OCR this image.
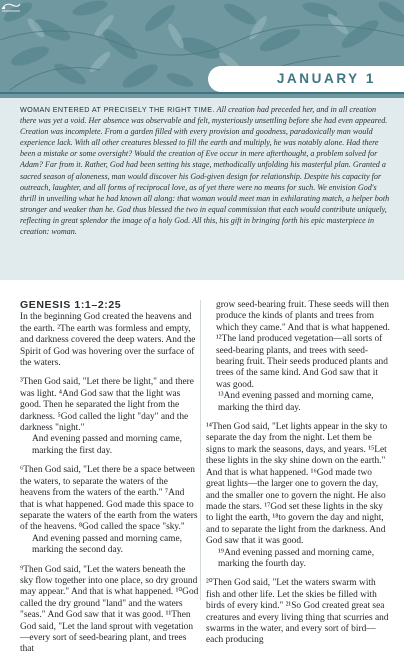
JANUARY 1
WOMAN ENTERED AT PRECISELY THE RIGHT TIME. All creation had preceded her, and in all creation there was yet a void. Her absence was observable and felt, mysteriously unsettling before she had even appeared. Creation was incomplete. From a garden filled with every provision and goodness, paradoxically man would experience lack. With all other creatures blessed to fill the earth and multiply, he was notably alone. Had there been a mistake or some oversight? Would the creation of Eve occur in mere afterthought, a problem solved for Adam? Far from it. Rather, God had been setting his stage, methodically unfolding his masterful plan. Granted a sacred season of aloneness, man would discover his God-given design for relationship. Despite his capacity for outreach, laughter, and all forms of reciprocal love, as of yet there were no means for such. We envision God's thrill in unveiling what he had known all along: that woman would meet man in exhilarating match, a helper both stronger and weaker than he. God thus blessed the two in equal commission that each would contribute uniquely, reflecting in great splendor the image of a holy God. All this, his gift in bringing forth his epic masterpiece in creation: woman.
GENESIS 1:1–2:25

In the beginning God created the heavens and the earth. ²The earth was formless and empty, and darkness covered the deep waters. And the Spirit of God was hovering over the surface of the waters.

³Then God said, "Let there be light," and there was light. ⁴And God saw that the light was good. Then he separated the light from the darkness. ⁵God called the light "day" and the darkness "night."

And evening passed and morning came, marking the first day.

⁶Then God said, "Let there be a space between the waters, to separate the waters of the heavens from the waters of the earth." ⁷And that is what happened. God made this space to separate the waters of the earth from the waters of the heavens. ⁸God called the space "sky."

And evening passed and morning came, marking the second day.

⁹Then God said, "Let the waters beneath the sky flow together into one place, so dry ground may appear." And that is what happened. ¹⁰God called the dry ground "land" and the waters "seas." And God saw that it was good. ¹¹Then God said, "Let the land sprout with vegetation—every sort of seed-bearing plant, and trees that

grow seed-bearing fruit. These seeds will then produce the kinds of plants and trees from which they came." And that is what happened. ¹²The land produced vegetation—all sorts of seed-bearing plants, and trees with seed-bearing fruit. Their seeds produced plants and trees of the same kind. And God saw that it was good.

¹³And evening passed and morning came, marking the third day.

¹⁴Then God said, "Let lights appear in the sky to separate the day from the night. Let them be signs to mark the seasons, days, and years. ¹⁵Let these lights in the sky shine down on the earth." And that is what happened. ¹⁶God made two great lights—the larger one to govern the day, and the smaller one to govern the night. He also made the stars. ¹⁷God set these lights in the sky to light the earth, ¹⁸to govern the day and night, and to separate the light from the darkness. And God saw that it was good.

¹⁹And evening passed and morning came, marking the fourth day.

²⁰Then God said, "Let the waters swarm with fish and other life. Let the skies be filled with birds of every kind." ²¹So God created great sea creatures and every living thing that scurries and swarms in the water, and every sort of bird—each producing
